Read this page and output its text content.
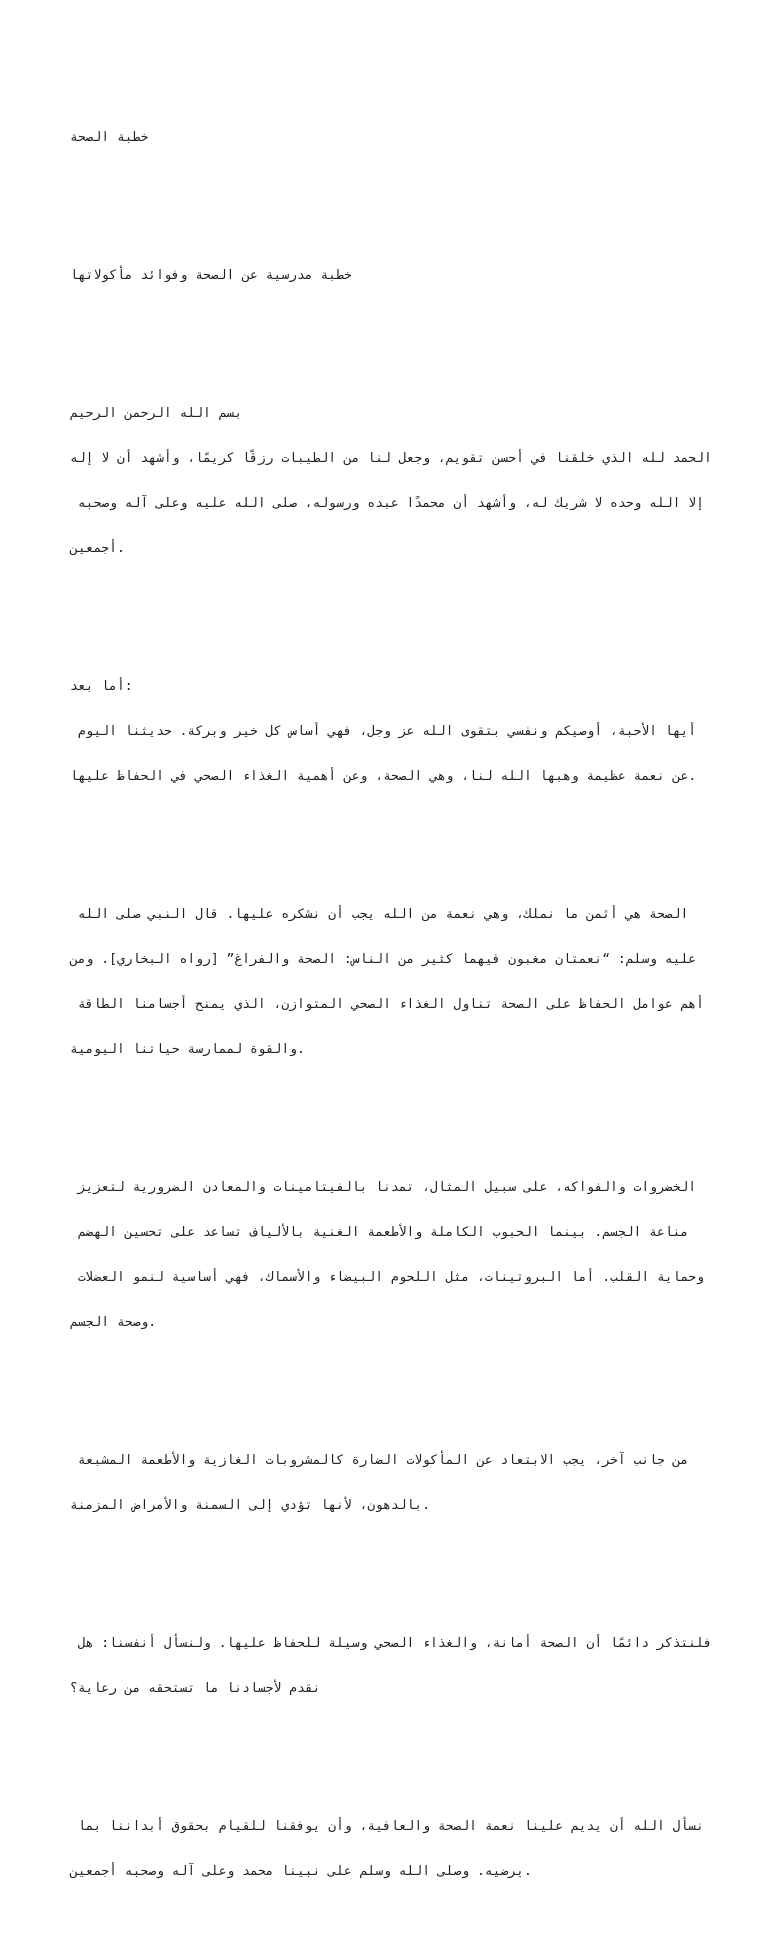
خطبة الصحة

خطبة مدرسية عن الصحة وفوائد مأكولاتها

بسم الله الرحمن الرحيم

الحمد لله الذي خلقنا في أحسن تقويم، وجعل لنا من الطيبات رزقًا كريمًا، وأشهد أن لا إله

إلا الله وحده لا شريك له، وأشهد أن محمدًا عبده ورسوله، صلى الله عليه وعلى آله وصحبه

أجمعين.

أما بعد:

أيها الأحبة، أوصيكم ونفسي بتقوى الله عز وجل، فهي أساس كل خير وبركة. حديثنا اليوم

عن نعمة عظيمة وهبها الله لنا، وهي الصحة، وعن أهمية الغذاء الصحي في الحفاظ عليها.

الصحة هي أثمن ما نملك، وهي نعمة من الله يجب أن نشكره عليها. قال النبي صلى الله

عليه وسلم: “نعمتان مغبون فيهما كثير من الناس: الصحة والفراغ” [رواه البخاري]. ومن

أهم عوامل الحفاظ على الصحة تناول الغذاء الصحي المتوازن، الذي يمنح أجسامنا الطاقة

والقوة لممارسة حياتنا اليومية.

الخضروات والفواكه، على سبيل المثال، تمدنا بالفيتامينات والمعادن الضرورية لتعزيز

مناعة الجسم. بينما الحبوب الكاملة والأطعمة الغنية بالألياف تساعد على تحسين الهضم

وحماية القلب. أما البروتينات، مثل اللحوم البيضاء والأسماك، فهي أساسية لنمو العضلات

وصحة الجسم.

من جانب آخر، يجب الابتعاد عن المأكولات الضارة كالمشروبات الغازية والأطعمة المشبعة

بالدهون، لأنها تؤدي إلى السمنة والأمراض المزمنة.

فلنتذكر دائمًا أن الصحة أمانة، والغذاء الصحي وسيلة للحفاظ عليها. ولنسأل أنفسنا: هل

نقدم لأجسادنا ما تستحقه من رعاية؟

نسأل الله أن يديم علينا نعمة الصحة والعافية، وأن يوفقنا للقيام بحقوق أبداننا بما

يرضيه. وصلى الله وسلم على نبينا محمد وعلى آله وصحبه أجمعين.
